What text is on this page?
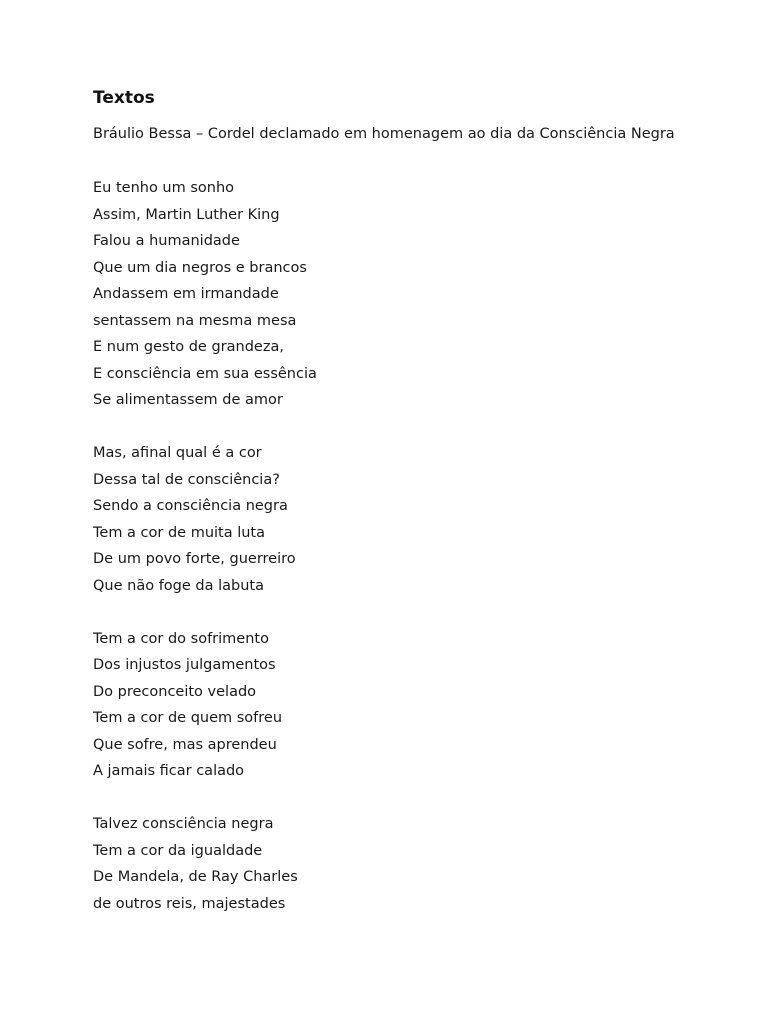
Textos
Bráulio Bessa – Cordel declamado em homenagem ao dia da Consciência Negra
Eu tenho um sonho
Assim, Martin Luther King
Falou a humanidade
Que um dia negros e brancos
Andassem em irmandade
sentassem na mesma mesa
E num gesto de grandeza,
E consciência em sua essência
Se alimentassem de amor
Mas, afinal qual é a cor
Dessa tal de consciência?
Sendo a consciência negra
Tem a cor de muita luta
De um povo forte, guerreiro
Que não foge da labuta
Tem a cor do sofrimento
Dos injustos julgamentos
Do preconceito velado
Tem a cor de quem sofreu
Que sofre, mas aprendeu
A jamais ficar calado
Talvez consciência negra
Tem a cor da igualdade
De Mandela, de Ray Charles
de outros reis, majestades
